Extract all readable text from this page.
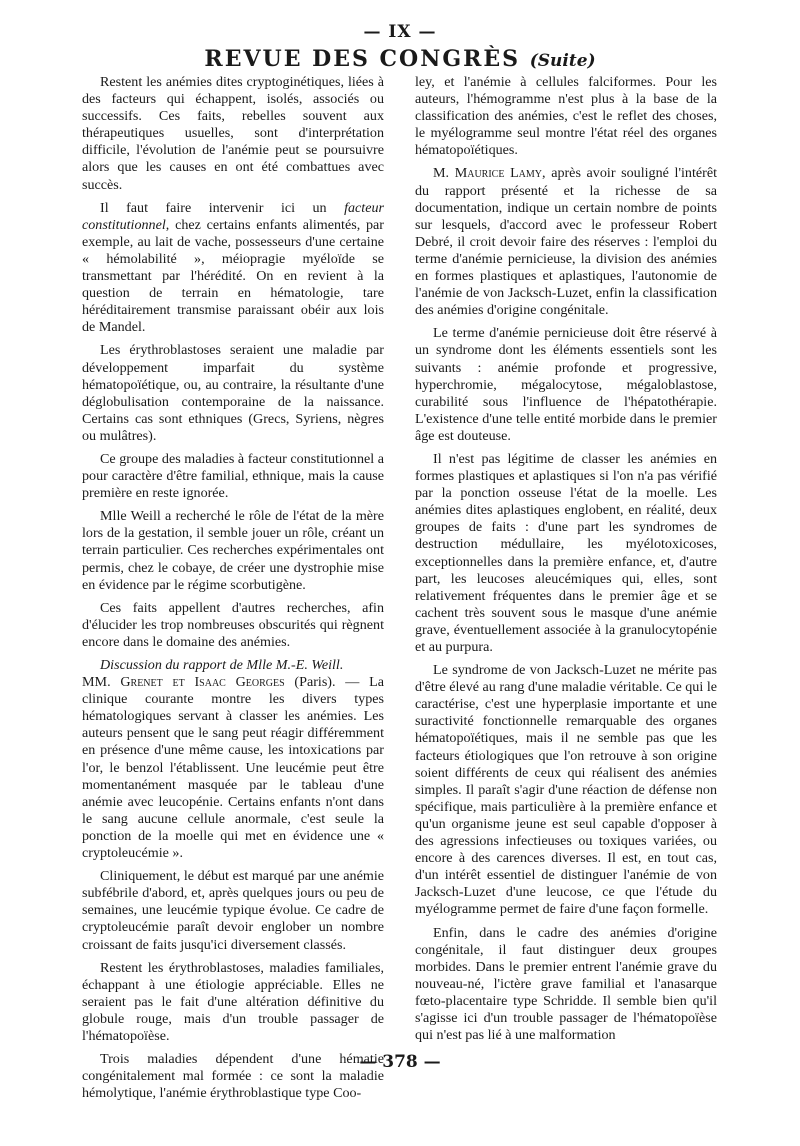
— IX —
REVUE DES CONGRÈS (Suite)

Restent les anémies dites cryptoginétiques, liées à des facteurs qui échappent, isolés, associés ou successifs. Ces faits, rebelles souvent aux thérapeutiques usuelles, sont d'interprétation difficile, l'évolution de l'anémie peut se poursuivre alors que les causes en ont été combattues avec succès.

Il faut faire intervenir ici un facteur constitutionnel, chez certains enfants alimentés, par exemple, au lait de vache, possesseurs d'une certaine « hémolabilité », méiopragie myéloïde se transmettant par l'hérédité. On en revient à la question de terrain en hématologie, tare héréditairement transmise paraissant obéir aux lois de Mandel.

Les érythroblastoses seraient une maladie par développement imparfait du système hématopoïétique, ou, au contraire, la résultante d'une déglobulisation contemporaine de la naissance. Certains cas sont ethniques (Grecs, Syriens, nègres ou mulâtres).

Ce groupe des maladies à facteur constitutionnel a pour caractère d'être familial, ethnique, mais la cause première en reste ignorée.

Mlle Weill a recherché le rôle de l'état de la mère lors de la gestation, il semble jouer un rôle, créant un terrain particulier. Ces recherches expérimentales ont permis, chez le cobaye, de créer une dystrophie mise en évidence par le régime scorbutigène.

Ces faits appellent d'autres recherches, afin d'élucider les trop nombreuses obscurités qui règnent encore dans le domaine des anémies.

Discussion du rapport de Mlle M.-E. Weill.

MM. Grenet et Isaac Georges (Paris). — La clinique courante montre les divers types hématologiques servant à classer les anémies. Les auteurs pensent que le sang peut réagir différemment en présence d'une même cause, les intoxications par l'or, le benzol l'établissent. Une leucémie peut être momentanément masquée par le tableau d'une anémie avec leucopénie. Certains enfants n'ont dans le sang aucune cellule anormale, c'est seule la ponction de la moelle qui met en évidence une « cryptoleucémie ».

Cliniquement, le début est marqué par une anémie subfébrile d'abord, et, après quelques jours ou peu de semaines, une leucémie typique évolue. Ce cadre de cryptoleucémie paraît devoir englober un nombre croissant de faits jusqu'ici diversement classés.

Restent les érythroblastoses, maladies familiales, échappant à une étiologie appréciable. Elles ne seraient pas le fait d'une altération définitive du globule rouge, mais d'un trouble passager de l'hématopoïèse.

Trois maladies dépendent d'une hématie congénitalement mal formée : ce sont la maladie hémolytique, l'anémie érythroblastique type Coo-

ley, et l'anémie à cellules falciformes. Pour les auteurs, l'hémogramme n'est plus à la base de la classification des anémies, c'est le reflet des choses, le myélogramme seul montre l'état réel des organes hématopoïétiques.

M. Maurice Lamy, après avoir souligné l'intérêt du rapport présenté et la richesse de sa documentation, indique un certain nombre de points sur lesquels, d'accord avec le professeur Robert Debré, il croit devoir faire des réserves : l'emploi du terme d'anémie pernicieuse, la division des anémies en formes plastiques et aplastiques, l'autonomie de l'anémie de von Jacksch-Luzet, enfin la classification des anémies d'origine congénitale.

Le terme d'anémie pernicieuse doit être réservé à un syndrome dont les éléments essentiels sont les suivants : anémie profonde et progressive, hyperchromie, mégalocytose, mégaloblastose, curabilité sous l'influence de l'hépatothérapie. L'existence d'une telle entité morbide dans le premier âge est douteuse.

Il n'est pas légitime de classer les anémies en formes plastiques et aplastiques si l'on n'a pas vérifié par la ponction osseuse l'état de la moelle. Les anémies dites aplastiques englobent, en réalité, deux groupes de faits : d'une part les syndromes de destruction médullaire, les myélotoxicoses, exceptionnelles dans la première enfance, et, d'autre part, les leucoses aleucémiques qui, elles, sont relativement fréquentes dans le premier âge et se cachent très souvent sous le masque d'une anémie grave, éventuellement associée à la granulocytopénie et au purpura.

Le syndrome de von Jacksch-Luzet ne mérite pas d'être élevé au rang d'une maladie véritable. Ce qui le caractérise, c'est une hyperplasie importante et une suractivité fonctionnelle remarquable des organes hématopoïétiques, mais il ne semble pas que les facteurs étiologiques que l'on retrouve à son origine soient différents de ceux qui réalisent des anémies simples. Il paraît s'agir d'une réaction de défense non spécifique, mais particulière à la première enfance et qu'un organisme jeune est seul capable d'opposer à des agressions infectieuses ou toxiques variées, ou encore à des carences diverses. Il est, en tout cas, d'un intérêt essentiel de distinguer l'anémie de von Jacksch-Luzet d'une leucose, ce que l'étude du myélogramme permet de faire d'une façon formelle.

Enfin, dans le cadre des anémies d'origine congénitale, il faut distinguer deux groupes morbides. Dans le premier entrent l'anémie grave du nouveau-né, l'ictère grave familial et l'anasarque fœto-placentaire type Schridde. Il semble bien qu'il s'agisse ici d'un trouble passager de l'hématopoïèse qui n'est pas lié à une malformation

— 378 —
